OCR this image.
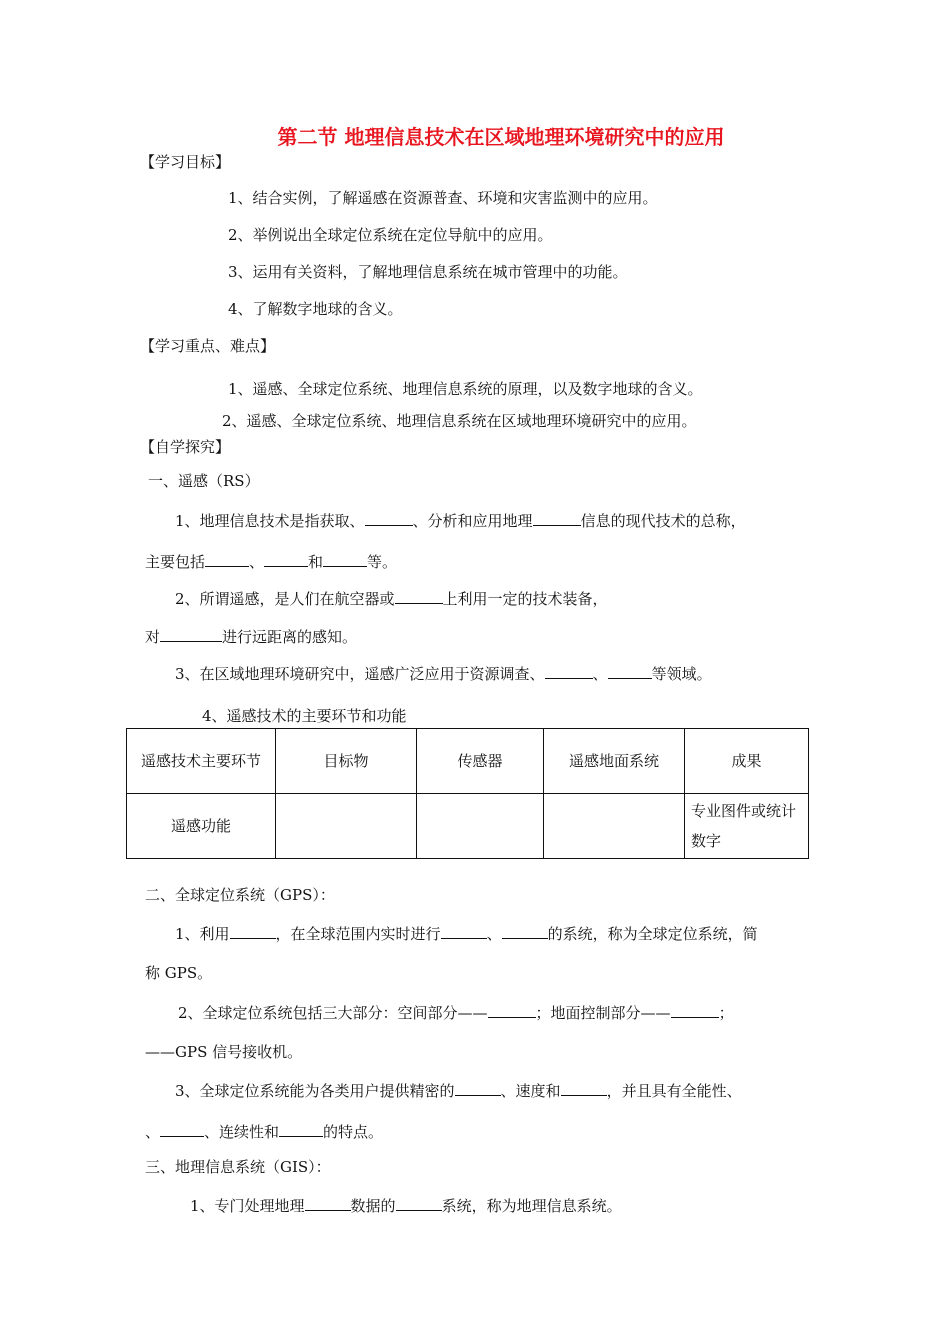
第二节 地理信息技术在区域地理环境研究中的应用
【学习目标】
1、结合实例，了解遥感在资源普查、环境和灾害监测中的应用。
2、举例说出全球定位系统在定位导航中的应用。
3、运用有关资料，了解地理信息系统在城市管理中的功能。
4、了解数字地球的含义。
【学习重点、难点】
1、遥感、全球定位系统、地理信息系统的原理，以及数字地球的含义。
2、遥感、全球定位系统、地理信息系统在区域地理环境研究中的应用。
【自学探究】
一、遥感（RS）
1、地理信息技术是指获取、	、分析和应用地理	信息的现代技术的总称，
主要包括	、	和	等。
2、所谓遥感，是人们在航空器或	上利用一定的技术装备，
对	进行远距离的感知。
3、在区域地理环境研究中，遥感广泛应用于资源调查、	、	等领域。
4、遥感技术的主要环节和功能
遥感技术主要环节	目标物	传感器	遥感地面系统	成果
遥感功能				专业图件或统计数字
二、全球定位系统（GPS）：
1、利用	，在全球范围内实时进行	、	的系统，称为全球定位系统，简
称 GPS。
2、全球定位系统包括三大部分：空间部分——	；地面控制部分——	；
——GPS 信号接收机。
3、全球定位系统能为各类用户提供精密的	、速度和	，并且具有全能性、
、	、连续性和	的特点。
三、地理信息系统（GIS）：
1、专门处理地理	数据的	系统，称为地理信息系统。
